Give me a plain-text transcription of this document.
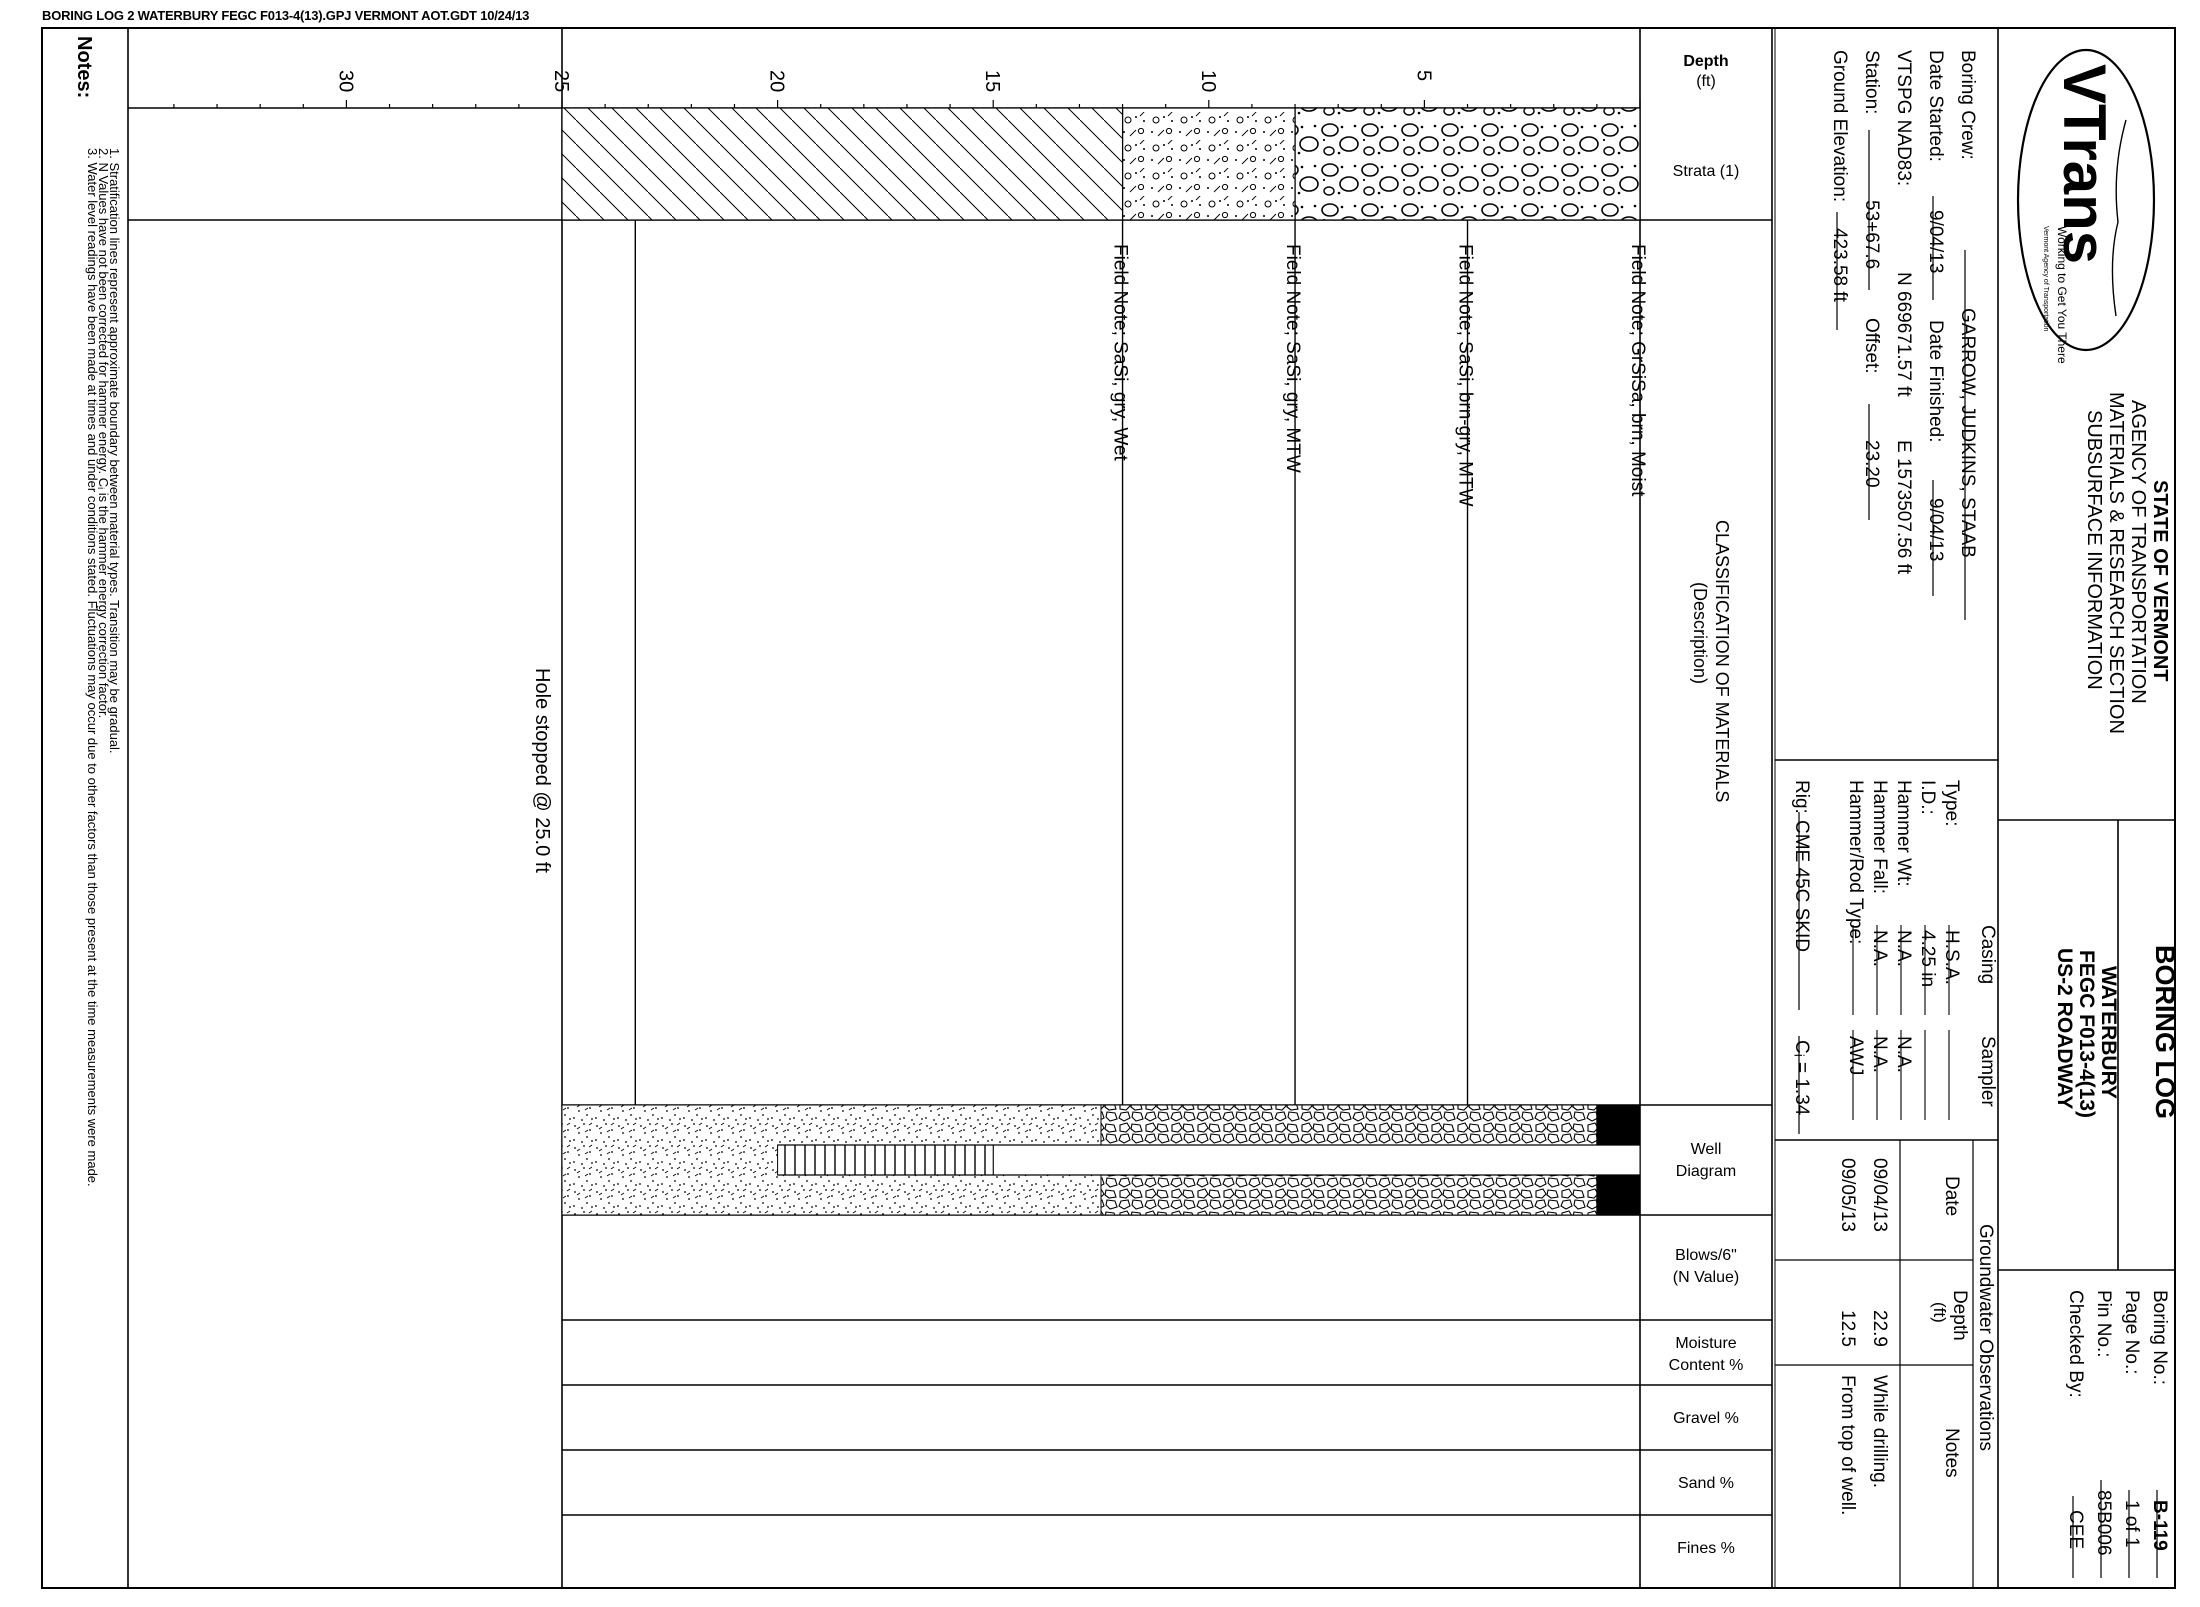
BORING LOG 2 WATERBURY FEGC F013-4(13).GPJ VERMONT AOT.GDT 10/24/13
5
10
15
20
25
30
Field Note; GrSiSa, brn, Moist
Field Note; SaSi, brn-gry, MTW
Field Note; SaSi, gry, MTW
Field Note; SaSi, gry, Wet
Hole stopped @ 25.0 ft
Depth
(ft)
Strata (1)
CLASSIFICATION OF MATERIALS
(Description)
Well
Diagram
Blows/6"
(N Value)
Moisture
Content %
Gravel %
Sand %
Fines %
Notes:
1. Stratification lines represent approximate boundary between material types. Transition may be gradual.
2. N Values have not been corrected for hammer energy. Cᵢ is the hammer energy correction factor.
3. Water level readings have been made at times and under conditions stated. Fluctuations may occur due to other factors than those present at the time measurements were made.
Boring Crew:
GARROW, JUDKINS, STAAB
Date Started:
9/04/13
Date Finished:
9/04/13
VTSPG NAD83:
N 669671.57 ft
E 1573507.56 ft
Station:
53+67.6
Offset:
23.20
Ground Elevation:
423.58 ft
Casing
Sampler
Type:
H.S.A.
I.D.:
4.25 in
Hammer Wt:
N.A.
N.A.
Hammer Fall:
N.A.
N.A.
Hammer/Rod Type:
AWJ
Rig:
CME 45C SKID
Cᵢ = 1.34
Groundwater Observations
Date
Depth
(ft)
Notes
09/04/13
22.9
While drilling.
09/05/13
12.5
From top of well.
VTrans
Working to Get You There
Vermont Agency of Transportation
STATE OF VERMONT
AGENCY OF TRANSPORTATION
MATERIALS & RESEARCH SECTION
SUBSURFACE INFORMATION
BORING LOG
WATERBURY
FEGC F013-4(13)
US-2 ROADWAY
Boring No.:
B-119
Page No.:
1 of 1
Pin No.:
85B006
Checked By:
CEE
